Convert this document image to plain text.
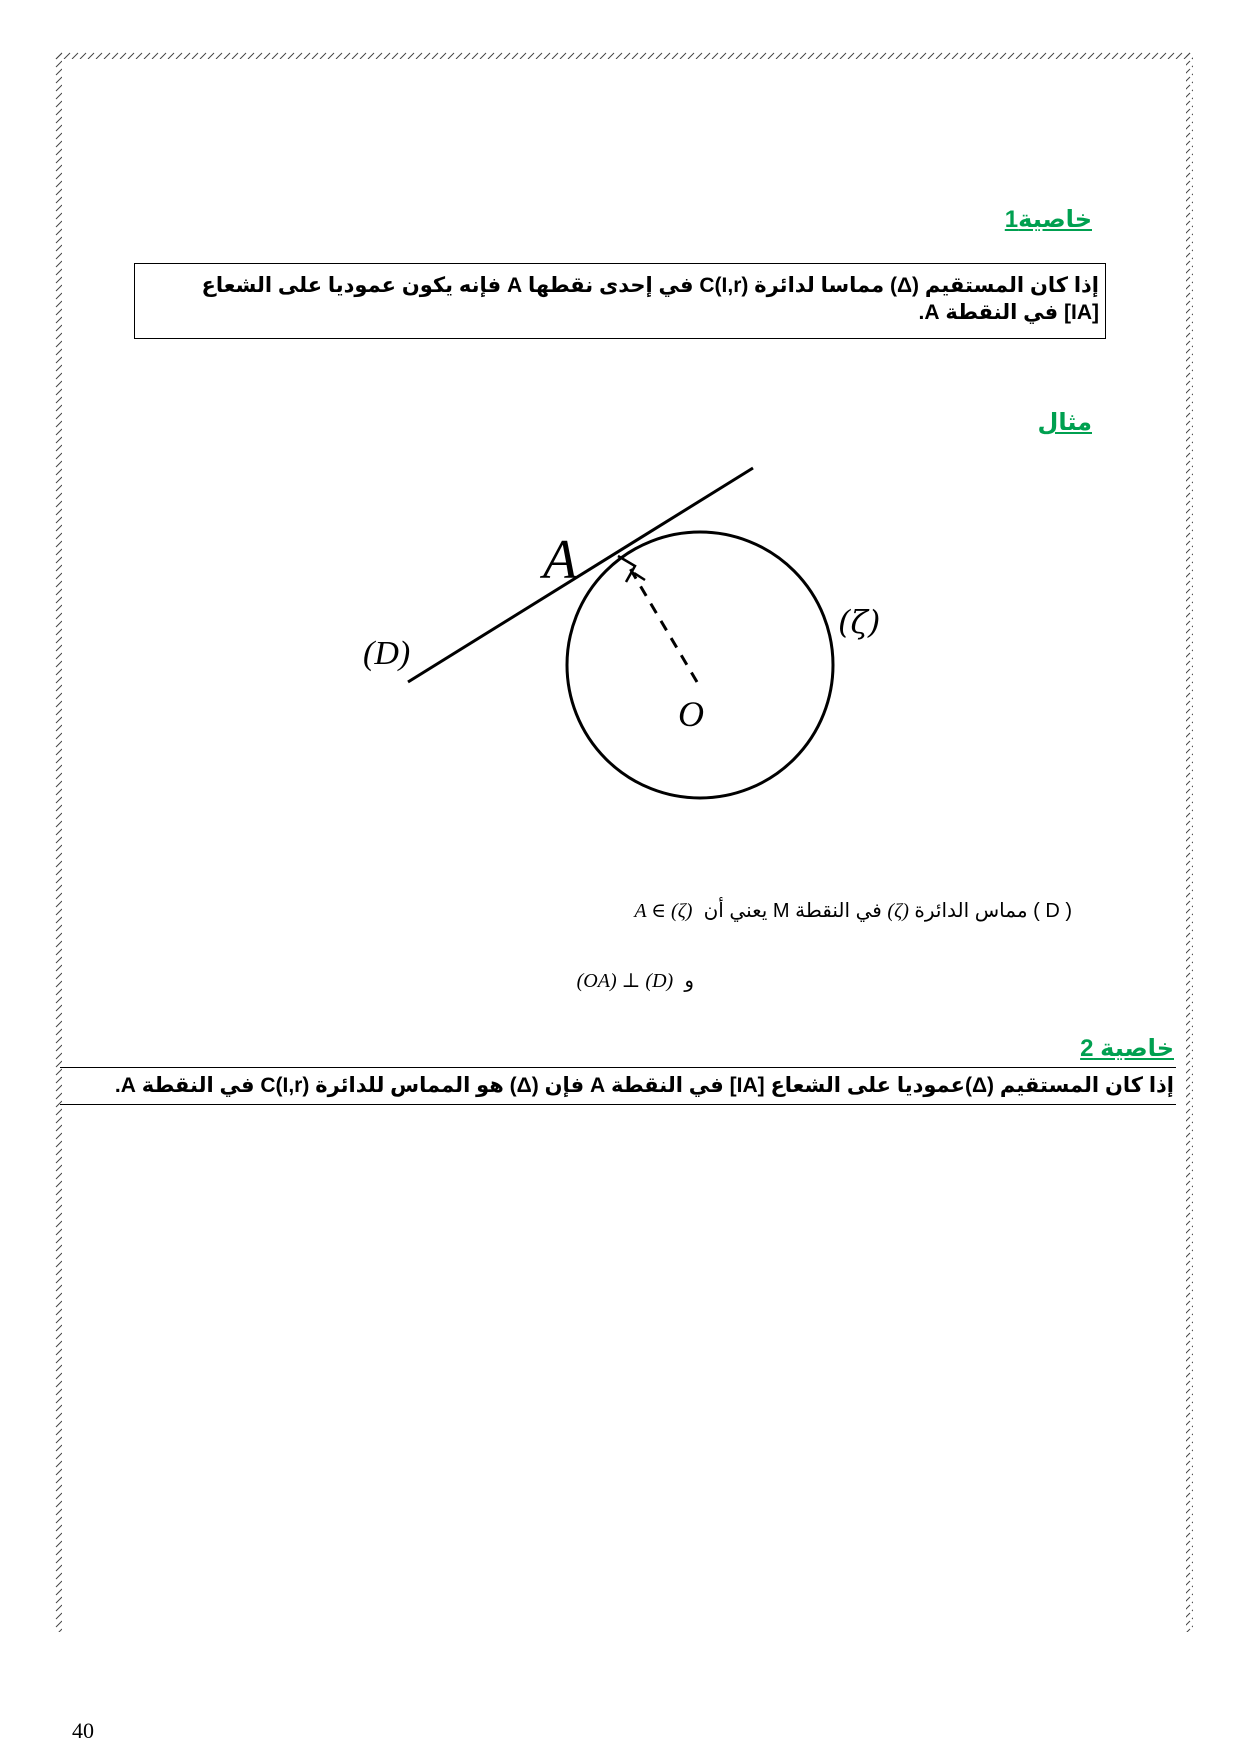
خاصية1
إذا كان المستقيم (Δ) مماسا لدائرة C(I,r) في إحدى نقطها A فإنه يكون عموديا على الشعاع
[IA] في النقطة A.
مثال
A
(D)
(ζ)
O
( D ) مماس الدائرة (ζ) في النقطة M يعني أن  A ∈ (ζ)
و  (OA) ⊥ (D)
خاصية 2
إذا كان المستقيم (Δ)عموديا على الشعاع [IA] في النقطة A فإن (Δ) هو المماس للدائرة C(I,r) في النقطة A.
40
